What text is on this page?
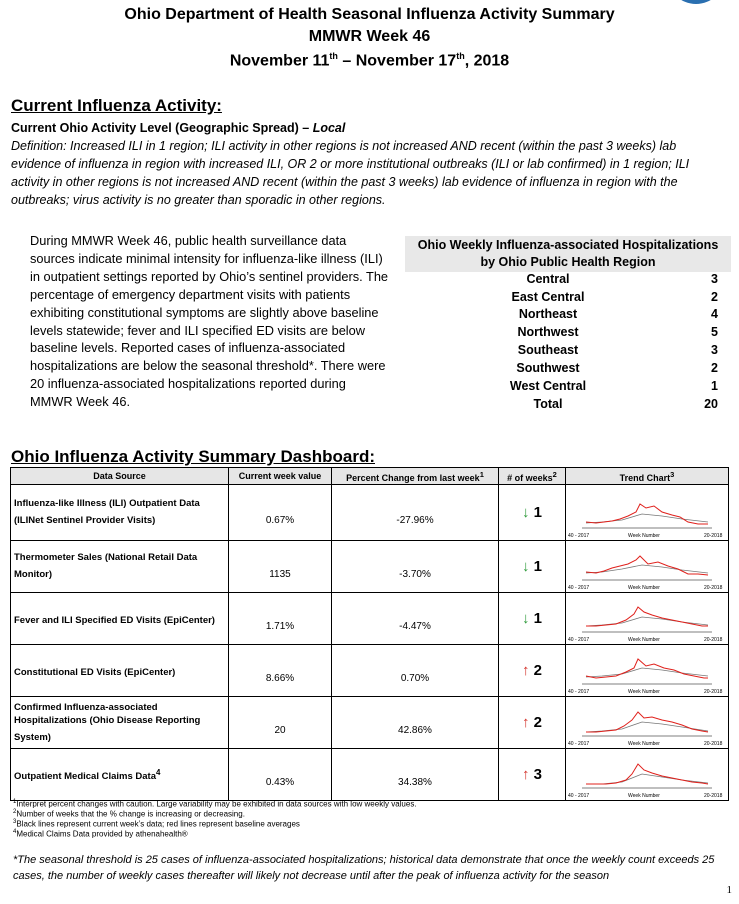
Ohio Department of Health Seasonal Influenza Activity Summary
MMWR Week 46
November 11th – November 17th, 2018
Current Influenza Activity:
Current Ohio Activity Level (Geographic Spread) – Local
Definition: Increased ILI in 1 region; ILI activity in other regions is not increased AND recent (within the past 3 weeks) lab evidence of influenza in region with increased ILI, OR 2 or more institutional outbreaks (ILI or lab confirmed) in 1 region; ILI activity in other regions is not increased AND recent (within the past 3 weeks) lab evidence of influenza in region with the outbreaks; virus activity is no greater than sporadic in other regions.
During MMWR Week 46, public health surveillance data sources indicate minimal intensity for influenza-like illness (ILI) in outpatient settings reported by Ohio’s sentinel providers. The percentage of emergency department visits with patients exhibiting constitutional symptoms are slightly above baseline levels statewide; fever and ILI specified ED visits are below baseline levels. Reported cases of influenza-associated hospitalizations are below the seasonal threshold*. There were 20 influenza-associated hospitalizations reported during MMWR Week 46.
Ohio Weekly Influenza-associated Hospitalizations
by Ohio Public Health Region
Central	3
East Central	2
Northeast	4
Northwest	5
Southeast	3
Southwest	2
West Central	1
Total	20
Ohio Influenza Activity Summary Dashboard:
Data Source	Current week value	Percent Change from last week$^1$	# of weeks$^2$	Trend Chart$^3$
Influenza-like Illness (ILI) Outpatient Data (ILINet Sentinel Provider Visits)	0.67%	-27.96%	↓ 1	40 - 2017 Week Number 20-2018

Thermometer Sales (National Retail Data Monitor)	1135	-3.70%	↓ 1	40 - 2017 Week Number 20-2018

Fever and ILI Specified ED Visits (EpiCenter)	1.71%	-4.47%	↓ 1	40 - 2017 Week Number 20-2018

Constitutional ED Visits (EpiCenter)	8.66%	0.70%	↑ 2	40 - 2017 Week Number 20-2018

Confirmed Influenza-associated Hospitalizations (Ohio Disease Reporting System)	20	42.86%	↑ 2	40 - 2017 Week Number 20-2018

Outpatient Medical Claims Data$^4$	0.43%	34.38%	↑ 3	40 - 2017 Week Number 20-2018
$^1$Interpret percent changes with caution. Large variability may be exhibited in data sources with low weekly values.
$^2$Number of weeks that the % change is increasing or decreasing.
$^3$Black lines represent current week’s data; red lines represent baseline averages
$^4$Medical Claims Data provided by athenahealth®
*The seasonal threshold is 25 cases of influenza-associated hospitalizations; historical data demonstrate that once the weekly count exceeds 25 cases, the number of weekly cases thereafter will likely not decrease until after the peak of influenza activity for the season
1
